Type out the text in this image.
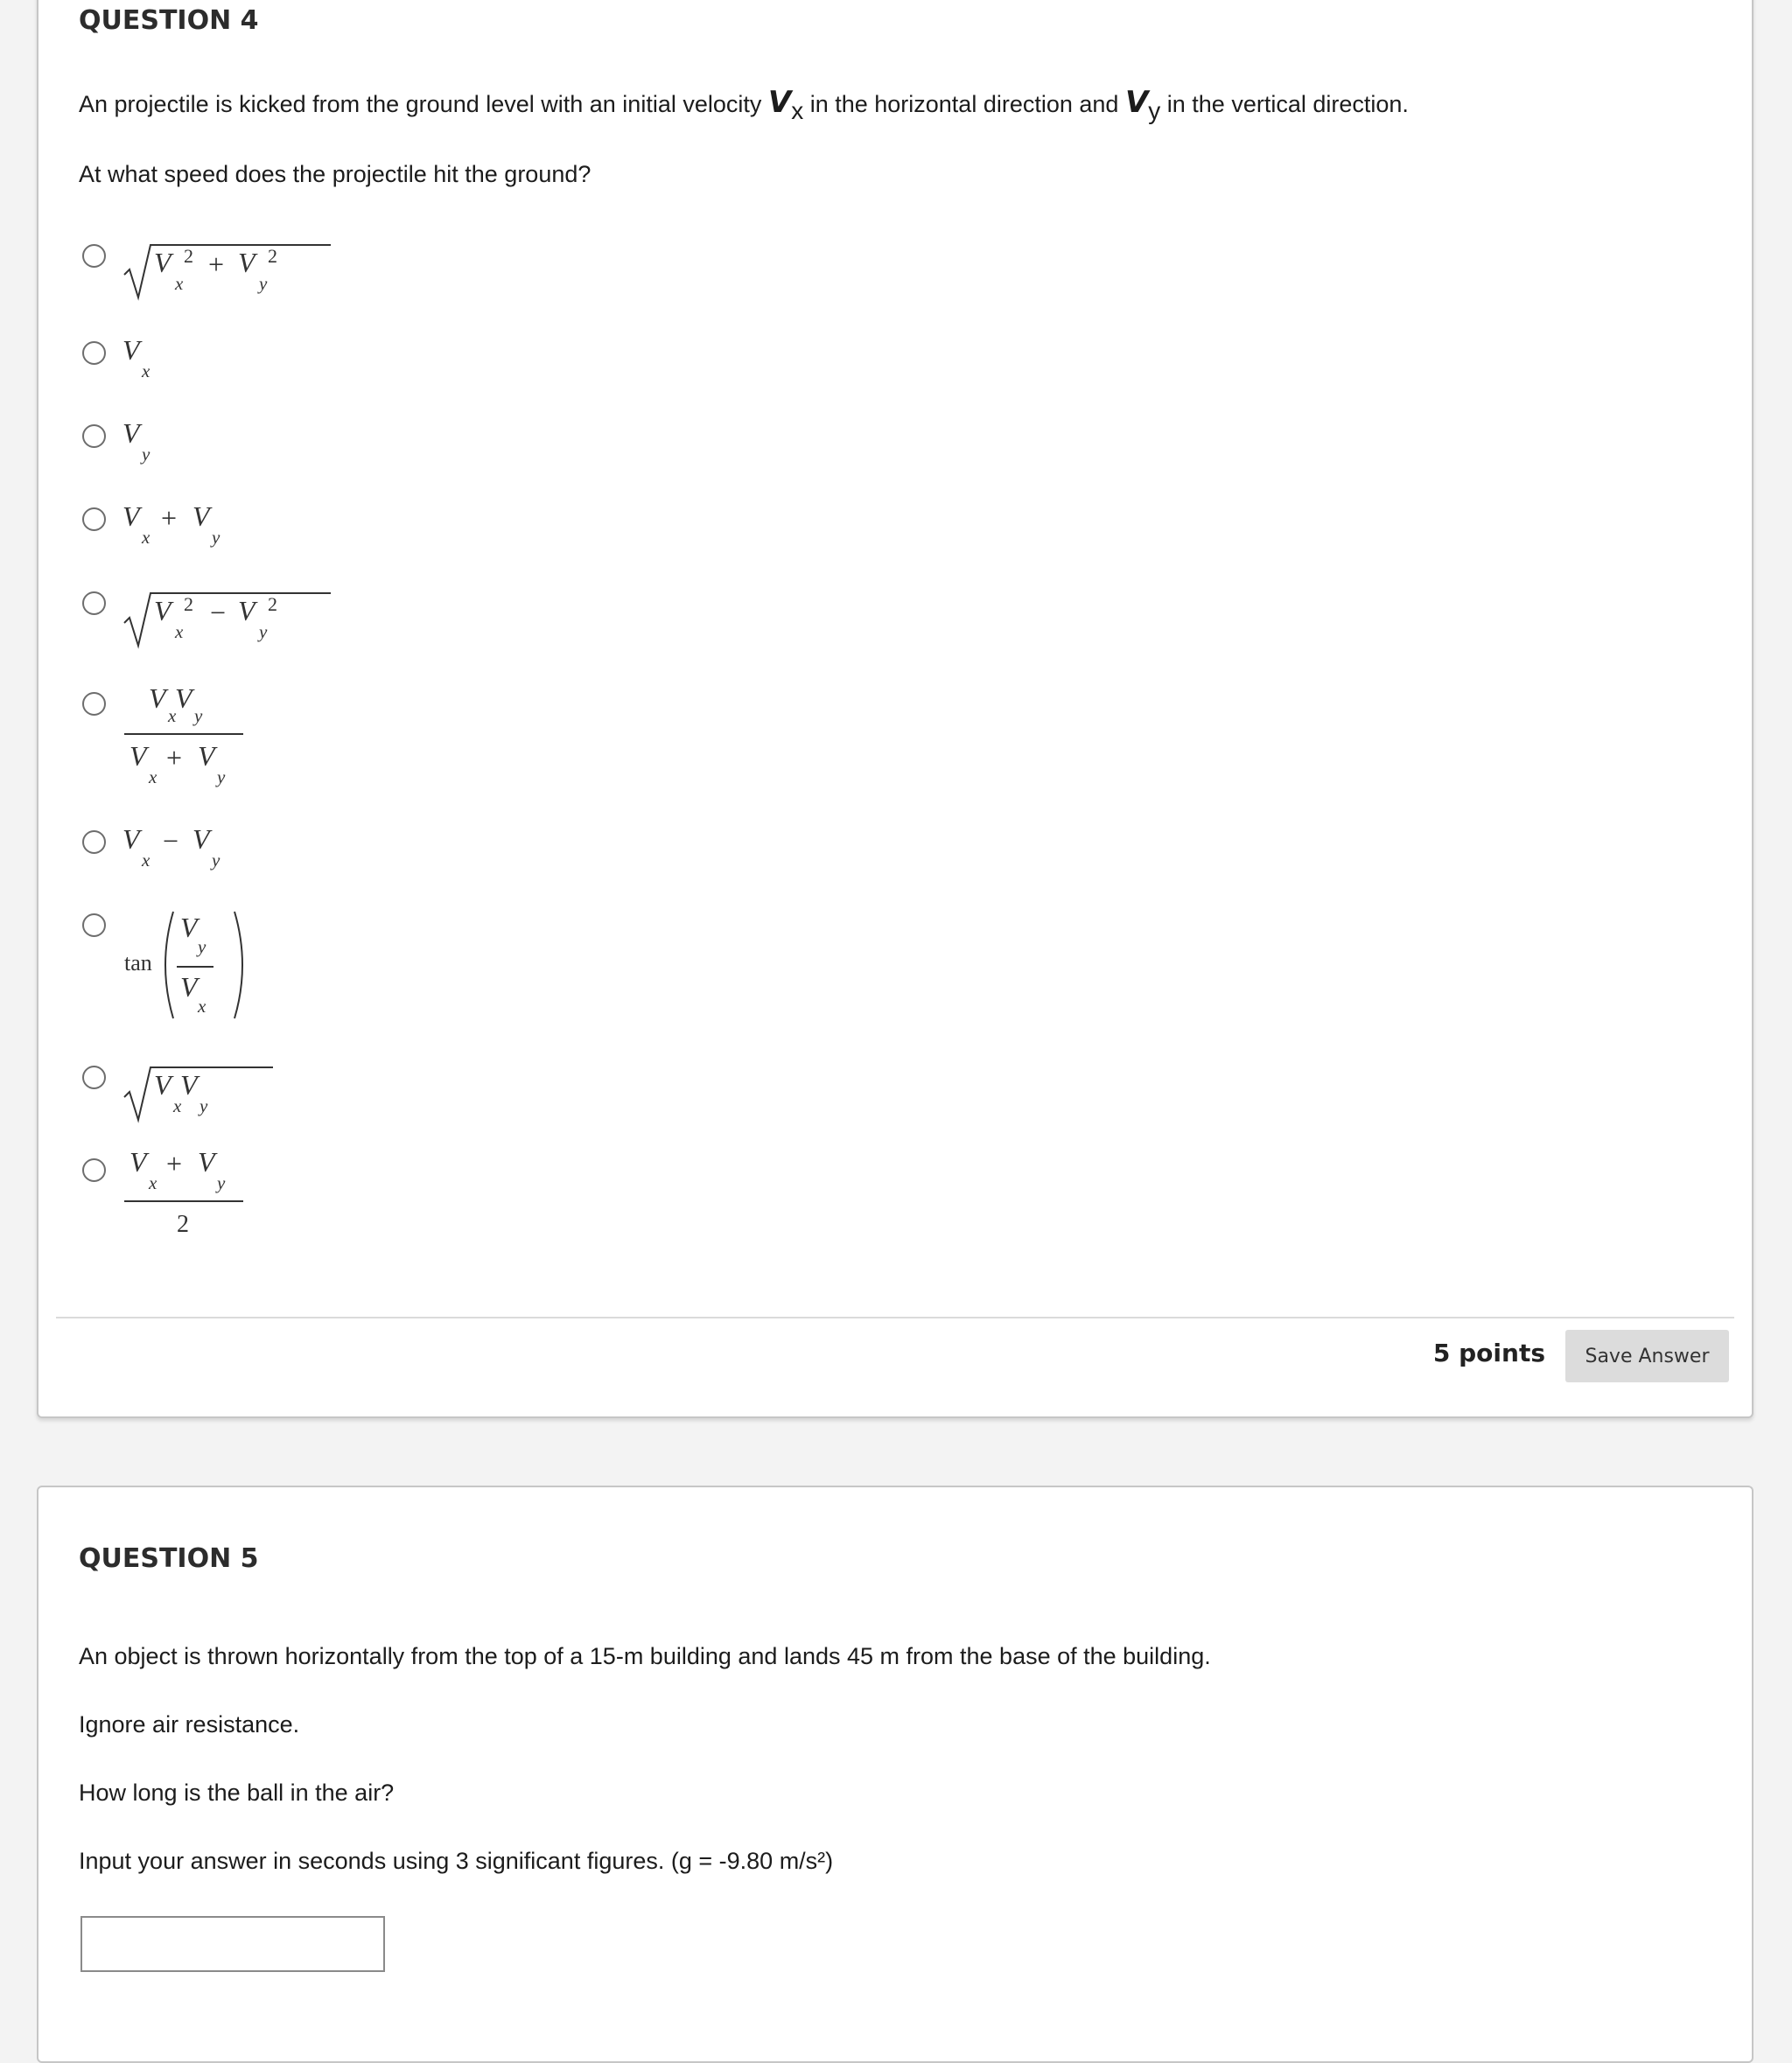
QUESTION 4
An projectile is kicked from the ground level with an initial velocity Vx in the horizontal direction and Vy in the vertical direction.
At what speed does the projectile hit the ground?
V
x
2 + V
y
2
V
x
V
y
V
x
+ V
y
V
x
2 − V
y
2
V
x
V
y
V
x
+ V
y
V
x
− V
y
tan
V
y
V
x
V
x
V
y
V
x
+ V
y
2
5 points	Save Answer
QUESTION 5
An object is thrown horizontally from the top of a 15-m building and lands 45 m from the base of the building.
Ignore air resistance.
How long is the ball in the air?
Input your answer in seconds using 3 significant figures. (g = -9.80 m/s²)
